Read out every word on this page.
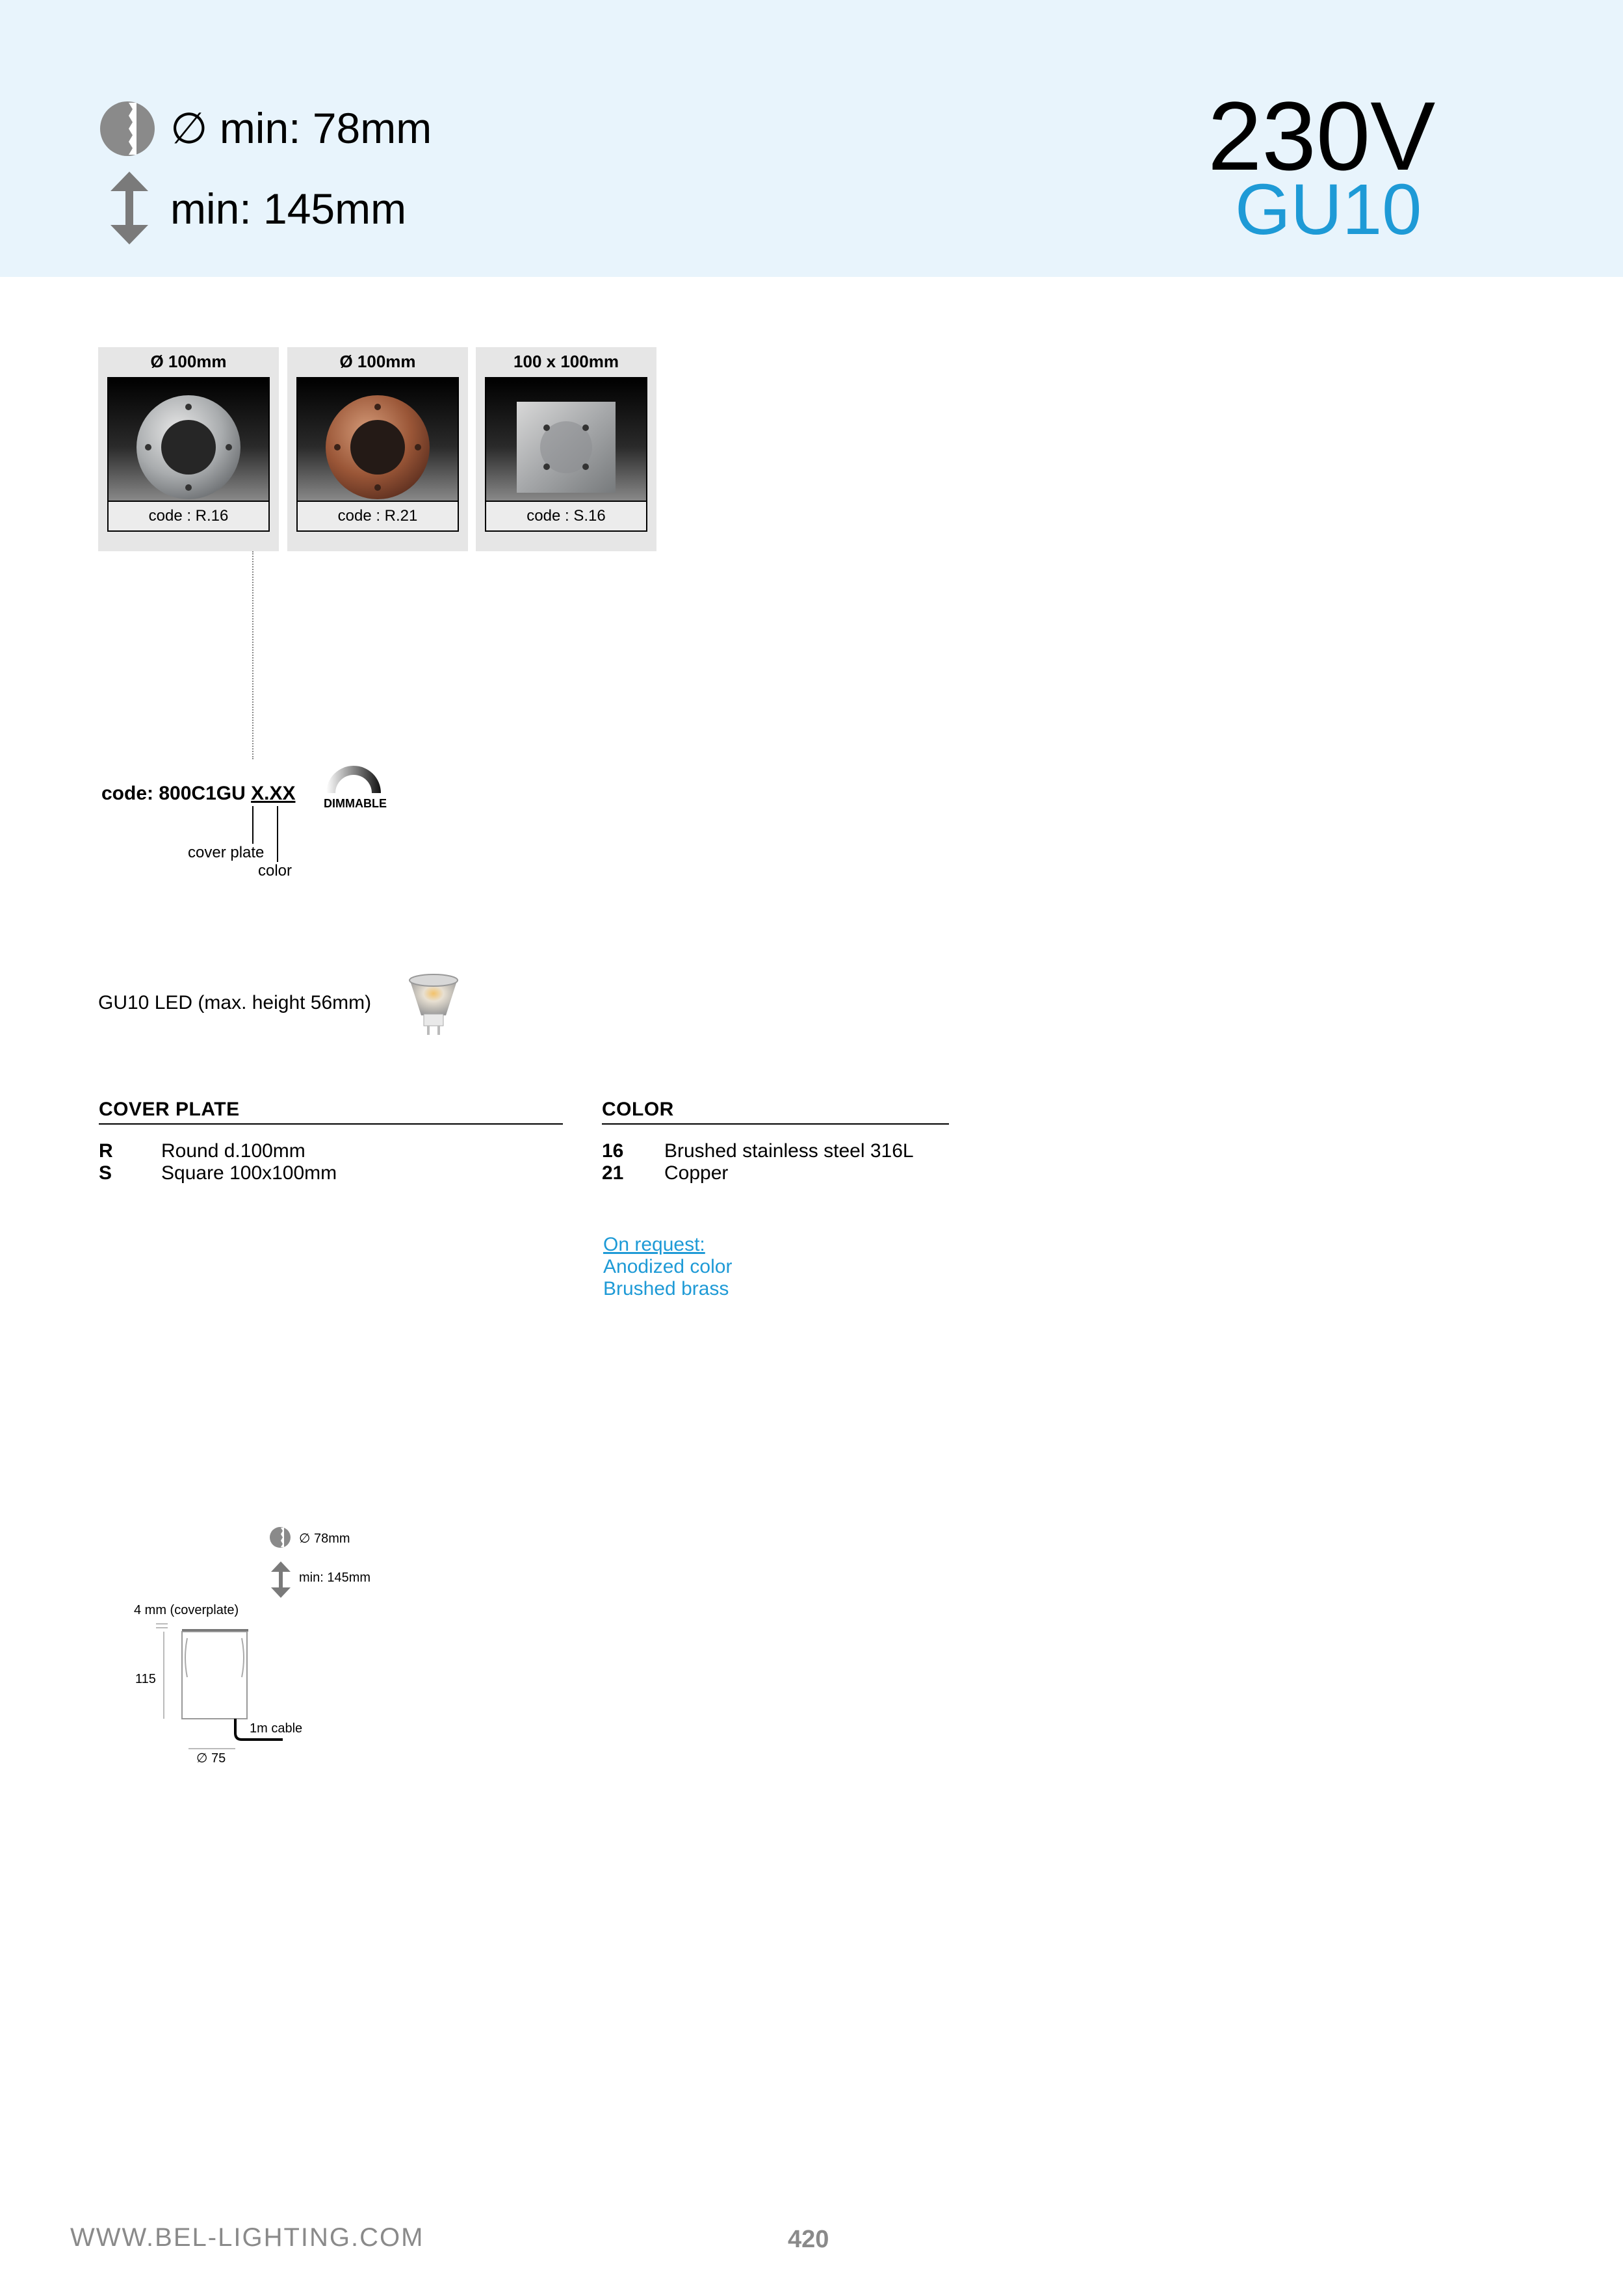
∅ min: 78mm
min: 145mm
230V
GU10
Ø 100mm
code : R.16
Ø 100mm
code : R.21
100 x 100mm
code : S.16
code: 800C1GU X.XX DIMMABLE
cover plate
color
GU10 LED (max. height 56mm)
COVER PLATE
R Round d.100mm
S	Square 100x100mm
COLOR
16 Brushed stainless steel 316L
21 Copper
On request:
Anodized color
Brushed brass
∅ 78mm
min: 145mm
4 mm (coverplate)
115
1m cable
∅ 75
WWW.BEL-LIGHTING.COM	420
